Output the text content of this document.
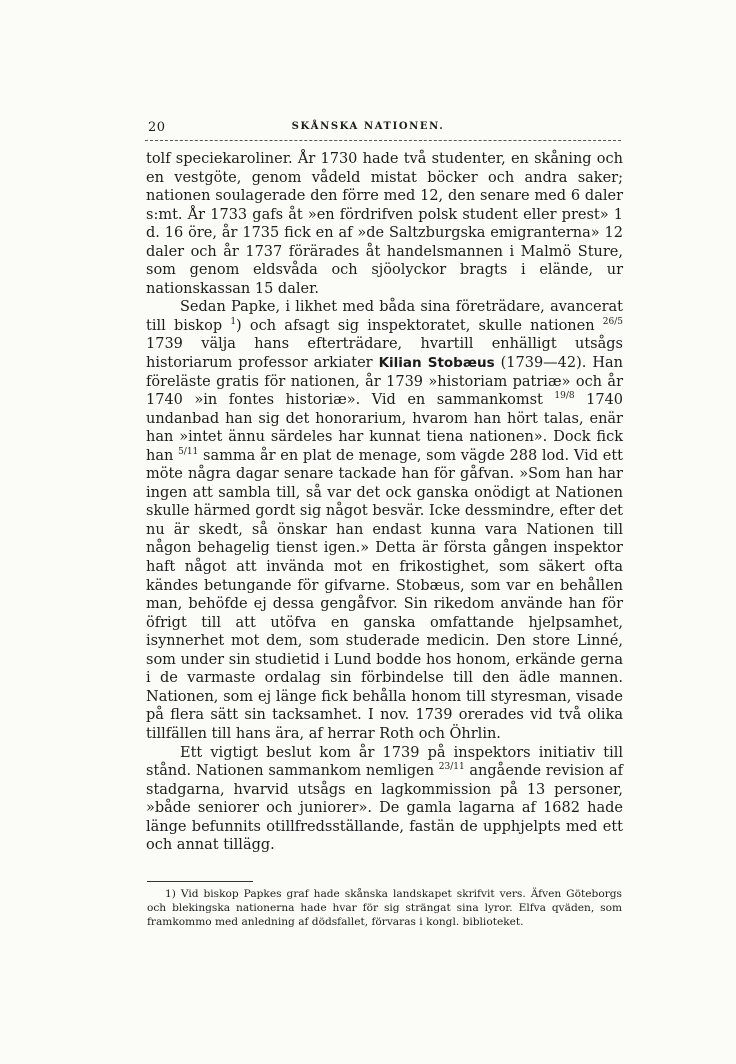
20	SKÅNSKA NATIONEN.

tolf speciekaroliner. År 1730 hade två studenter, en skåning och en vestgöte, genom vådeld mistat böcker och andra saker; nationen soulagerade den förre med 12, den senare med 6 daler s:mt. År 1733 gafs åt »en fördrifven polsk student eller prest» 1 d. 16 öre, år 1735 fick en af »de Saltzburgska emigranterna» 12 daler och år 1737 förärades åt handelsmannen i Malmö Sture, som genom eldsvåda och sjöolyckor bragts i elände, ur nationskassan 15 daler.

Sedan Papke, i likhet med båda sina företrädare, avancerat till biskop $^1$) och afsagt sig inspektoratet, skulle nationen $^{26/5}$ 1739 välja hans efterträdare, hvartill enhälligt utsågs historiarum professor arkiater Kilian Stobæus (1739—42). Han föreläste gratis för nationen, år 1739 »historiam patriæ» och år 1740 »in fontes historiæ». Vid en sammankomst $^{19/8}$ 1740 undanbad han sig det honorarium, hvarom han hört talas, enär han »intet ännu särdeles har kunnat tiena nationen». Dock fick han $^{5/11}$ samma år en plat de menage, som vägde 288 lod. Vid ett möte några dagar senare tackade han för gåfvan. »Som han har ingen att sambla till, så var det ock ganska onödigt at Nationen skulle härmed gordt sig något besvär. Icke dessmindre, efter det nu är skedt, så önskar han endast kunna vara Nationen till någon behagelig tienst igen.» Detta är första gången inspektor haft något att invända mot en frikostighet, som säkert ofta kändes betungande för gifvarne. Stobæus, som var en behållen man, behöfde ej dessa gengåfvor. Sin rikedom använde han för öfrigt till att utöfva en ganska omfattande hjelpsamhet, isynnerhet mot dem, som studerade medicin. Den store Linné, som under sin studietid i Lund bodde hos honom, erkände gerna i de varmaste ordalag sin förbindelse till den ädle mannen. Nationen, som ej länge fick behålla honom till styresman, visade på flera sätt sin tacksamhet. I nov. 1739 orerades vid två olika tillfällen till hans ära, af herrar Roth och Öhrlin.

Ett vigtigt beslut kom år 1739 på inspektors initiativ till stånd. Nationen sammankom nemligen $^{23/11}$ angående revision af stadgarna, hvarvid utsågs en lagkommission på 13 personer, »både seniorer och juniorer». De gamla lagarna af 1682 hade länge befunnits otillfredsställande, fastän de upphjelpts med ett och annat tillägg.

1) Vid biskop Papkes graf hade skånska landskapet skrifvit vers. Äfven Göteborgs och blekingska nationerna hade hvar för sig strängat sina lyror. Elfva qväden, som framkommo med anledning af dödsfallet, förvaras i kongl. biblioteket.
